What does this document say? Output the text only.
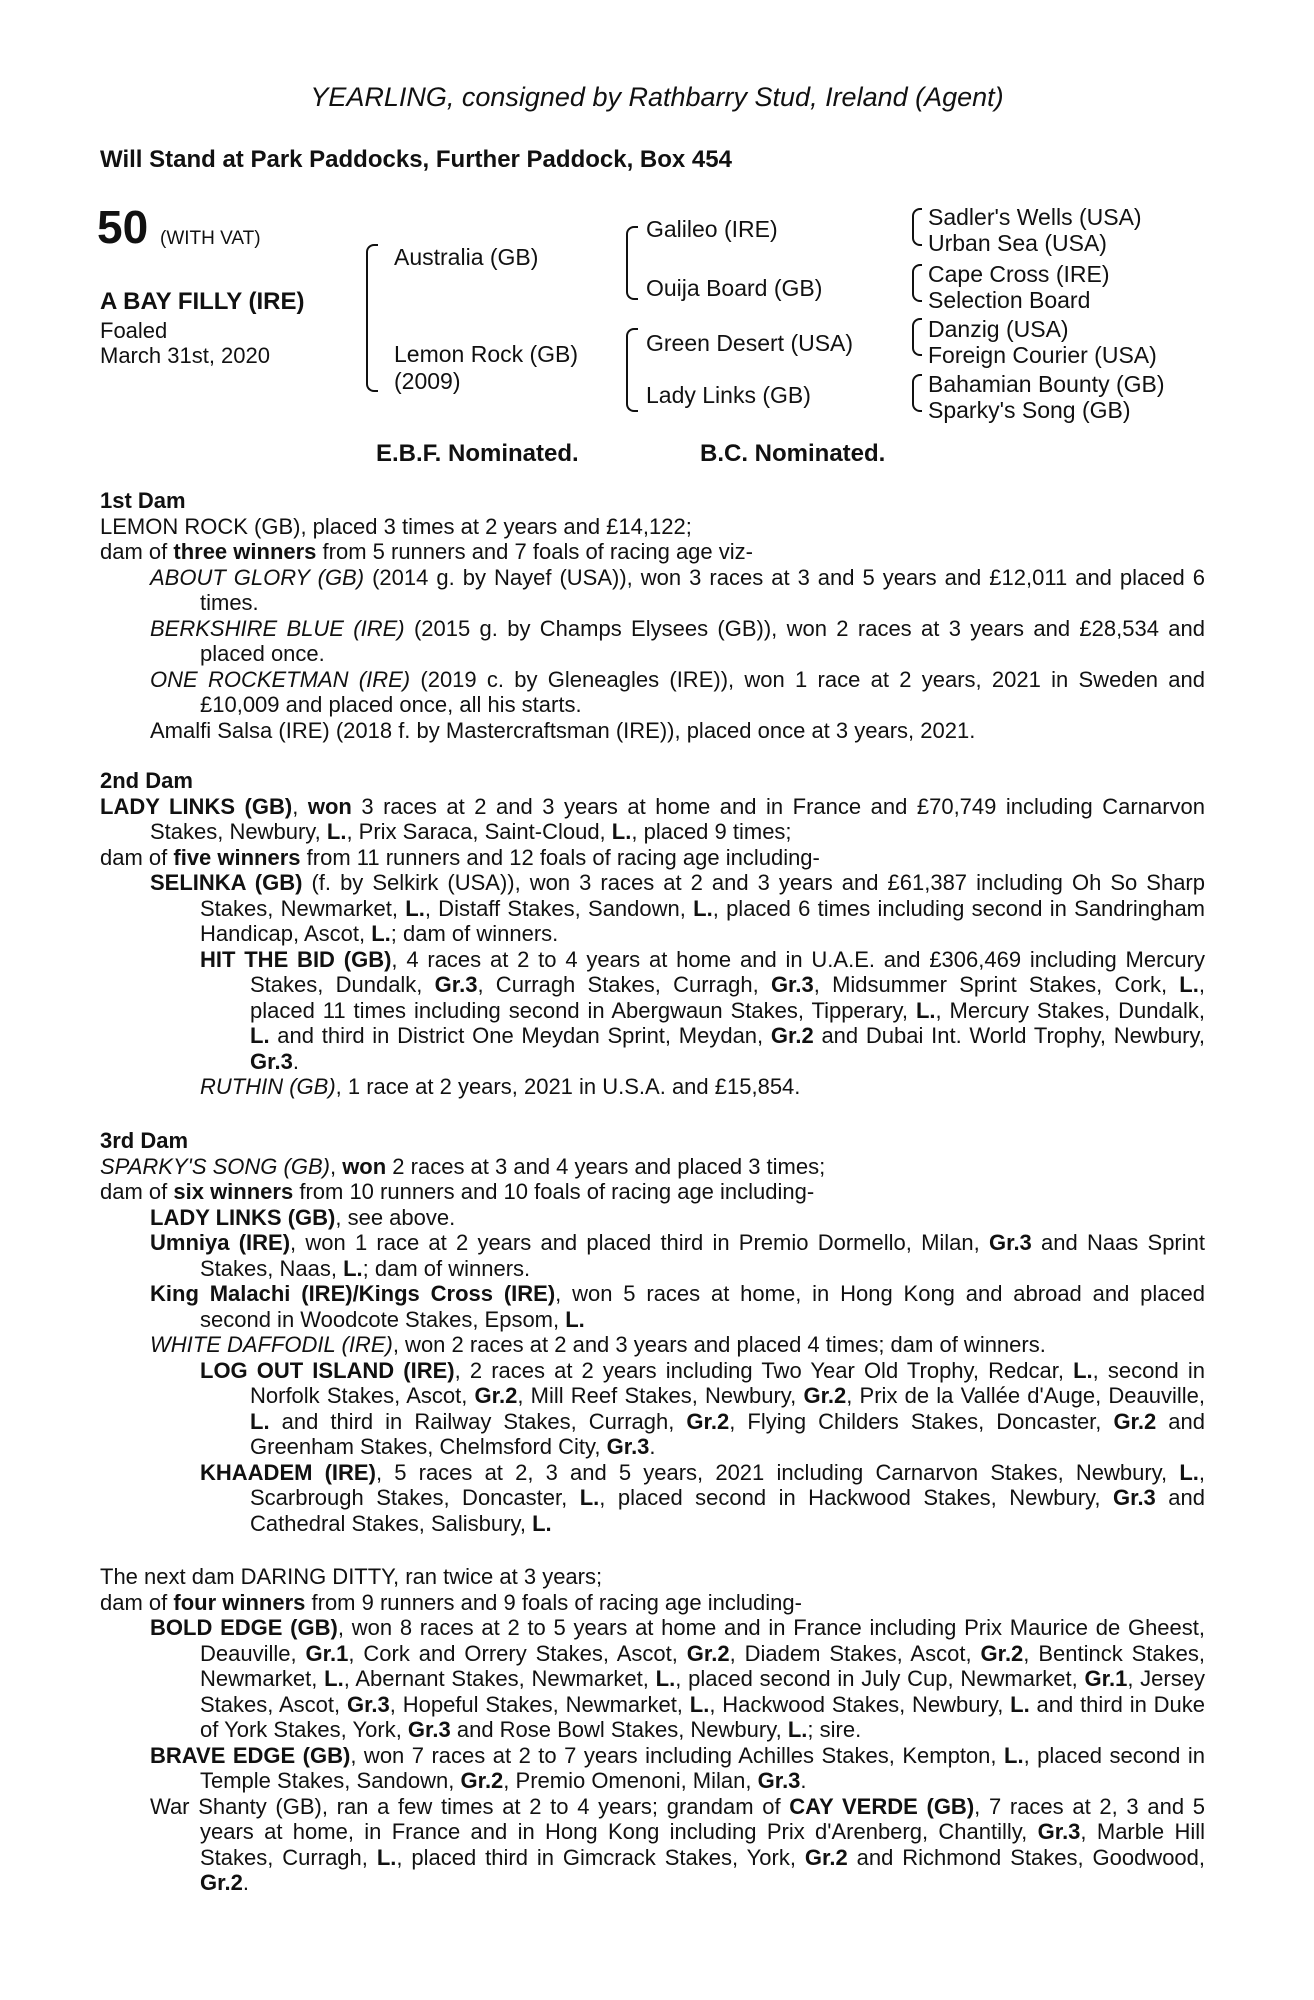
YEARLING, consigned by Rathbarry Stud, Ireland (Agent)
Will Stand at Park Paddocks, Further Paddock, Box 454
50 (WITH VAT)
A BAY FILLY (IRE)
Foaled
March 31st, 2020
Australia (GB)
Lemon Rock (GB)
(2009)
Galileo (IRE)
Ouija Board (GB)
Green Desert (USA)
Lady Links (GB)
Sadler's Wells (USA)
Urban Sea (USA)
Cape Cross (IRE)
Selection Board
Danzig (USA)
Foreign Courier (USA)
Bahamian Bounty (GB)
Sparky's Song (GB)
E.B.F. Nominated.	B.C. Nominated.

1st Dam

LEMON ROCK (GB), placed 3 times at 2 years and £14,122;

dam of three winners from 5 runners and 7 foals of racing age viz-

ABOUT GLORY (GB) (2014 g. by Nayef (USA)), won 3 races at 3 and 5 years and £12,011 and placed 6 times.

BERKSHIRE BLUE (IRE) (2015 g. by Champs Elysees (GB)), won 2 races at 3 years and £28,534 and placed once.

ONE ROCKETMAN (IRE) (2019 c. by Gleneagles (IRE)), won 1 race at 2 years, 2021 in Sweden and £10,009 and placed once, all his starts.

Amalfi Salsa (IRE) (2018 f. by Mastercraftsman (IRE)), placed once at 3 years, 2021.

2nd Dam

LADY LINKS (GB), won 3 races at 2 and 3 years at home and in France and £70,749 including Carnarvon Stakes, Newbury, L., Prix Saraca, Saint-Cloud, L., placed 9 times;

dam of five winners from 11 runners and 12 foals of racing age including-

SELINKA (GB) (f. by Selkirk (USA)), won 3 races at 2 and 3 years and £61,387 including Oh So Sharp Stakes, Newmarket, L., Distaff Stakes, Sandown, L., placed 6 times including second in Sandringham Handicap, Ascot, L.; dam of winners.

HIT THE BID (GB), 4 races at 2 to 4 years at home and in U.A.E. and £306,469 including Mercury Stakes, Dundalk, Gr.3, Curragh Stakes, Curragh, Gr.3, Midsummer Sprint Stakes, Cork, L., placed 11 times including second in Abergwaun Stakes, Tipperary, L., Mercury Stakes, Dundalk, L. and third in District One Meydan Sprint, Meydan, Gr.2 and Dubai Int. World Trophy, Newbury, Gr.3.

RUTHIN (GB), 1 race at 2 years, 2021 in U.S.A. and £15,854.

3rd Dam

SPARKY'S SONG (GB), won 2 races at 3 and 4 years and placed 3 times;

dam of six winners from 10 runners and 10 foals of racing age including-

LADY LINKS (GB), see above.

Umniya (IRE), won 1 race at 2 years and placed third in Premio Dormello, Milan, Gr.3 and Naas Sprint Stakes, Naas, L.; dam of winners.

King Malachi (IRE)/Kings Cross (IRE), won 5 races at home, in Hong Kong and abroad and placed second in Woodcote Stakes, Epsom, L.

WHITE DAFFODIL (IRE), won 2 races at 2 and 3 years and placed 4 times; dam of winners.

LOG OUT ISLAND (IRE), 2 races at 2 years including Two Year Old Trophy, Redcar, L., second in Norfolk Stakes, Ascot, Gr.2, Mill Reef Stakes, Newbury, Gr.2, Prix de la Vallée d'Auge, Deauville, L. and third in Railway Stakes, Curragh, Gr.2, Flying Childers Stakes, Doncaster, Gr.2 and Greenham Stakes, Chelmsford City, Gr.3.

KHAADEM (IRE), 5 races at 2, 3 and 5 years, 2021 including Carnarvon Stakes, Newbury, L., Scarbrough Stakes, Doncaster, L., placed second in Hackwood Stakes, Newbury, Gr.3 and Cathedral Stakes, Salisbury, L.

The next dam DARING DITTY, ran twice at 3 years;

dam of four winners from 9 runners and 9 foals of racing age including-

BOLD EDGE (GB), won 8 races at 2 to 5 years at home and in France including Prix Maurice de Gheest, Deauville, Gr.1, Cork and Orrery Stakes, Ascot, Gr.2, Diadem Stakes, Ascot, Gr.2, Bentinck Stakes, Newmarket, L., Abernant Stakes, Newmarket, L., placed second in July Cup, Newmarket, Gr.1, Jersey Stakes, Ascot, Gr.3, Hopeful Stakes, Newmarket, L., Hackwood Stakes, Newbury, L. and third in Duke of York Stakes, York, Gr.3 and Rose Bowl Stakes, Newbury, L.; sire.

BRAVE EDGE (GB), won 7 races at 2 to 7 years including Achilles Stakes, Kempton, L., placed second in Temple Stakes, Sandown, Gr.2, Premio Omenoni, Milan, Gr.3.

War Shanty (GB), ran a few times at 2 to 4 years; grandam of CAY VERDE (GB), 7 races at 2, 3 and 5 years at home, in France and in Hong Kong including Prix d'Arenberg, Chantilly, Gr.3, Marble Hill Stakes, Curragh, L., placed third in Gimcrack Stakes, York, Gr.2 and Richmond Stakes, Goodwood, Gr.2.
